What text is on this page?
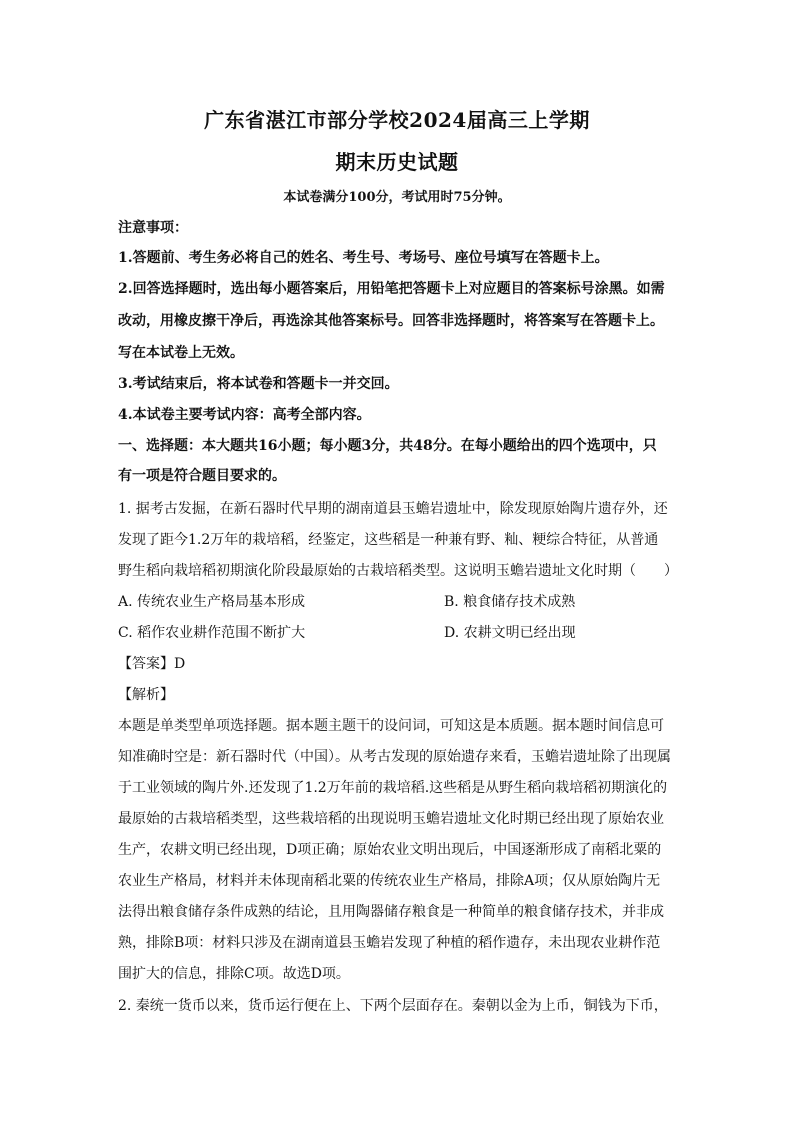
广东省湛江市部分学校2024届高三上学期
期末历史试题
本试卷满分100分，考试用时75分钟。
注意事项：
1.答题前、考生务必将自己的姓名、考生号、考场号、座位号填写在答题卡上。
2.回答选择题时，选出每小题答案后，用铅笔把答题卡上对应题目的答案标号涂黑。如需
改动，用橡皮擦干净后，再选涂其他答案标号。回答非选择题时，将答案写在答题卡上。
写在本试卷上无效。
3.考试结束后，将本试卷和答题卡一并交回。
4.本试卷主要考试内容：高考全部内容。
一、选择题：本大题共16小题；每小题3分，共48分。在每小题给出的四个选项中，只
有一项是符合题目要求的。
1. 据考古发掘，在新石器时代早期的湖南道县玉蟾岩遗址中，除发现原始陶片遗存外，还
发现了距今1.2万年的栽培稻，经鉴定，这些稻是一种兼有野、籼、粳综合特征，从普通
野生稻向栽培稻初期演化阶段最原始的古栽培稻类型。这说明玉蟾岩遗址文化时期（　　）
A. 传统农业生产格局基本形成	B. 粮食储存技术成熟
C. 稻作农业耕作范围不断扩大	D. 农耕文明已经出现
【答案】D
【解析】
本题是单类型单项选择题。据本题主题干的设问词，可知这是本质题。据本题时间信息可
知准确时空是：新石器时代（中国）。从考古发现的原始遗存来看，玉蟾岩遗址除了出现属
于工业领域的陶片外.还发现了1.2万年前的栽培稻.这些稻是从野生稻向栽培稻初期演化的
最原始的古栽培稻类型，这些栽培稻的出现说明玉蟾岩遗址文化时期已经出现了原始农业
生产，农耕文明已经出现，D项正确；原始农业文明出现后，中国逐渐形成了南稻北粟的
农业生产格局，材料并未体现南稻北粟的传统农业生产格局，排除A项；仅从原始陶片无
法得出粮食储存条件成熟的结论，且用陶器储存粮食是一种简单的粮食储存技术，并非成
熟，排除B项：材料只涉及在湖南道县玉蟾岩发现了种植的稻作遗存，未出现农业耕作范
围扩大的信息，排除C项。故选D项。
2. 秦统一货币以来，货币运行便在上、下两个层面存在。秦朝以金为上币，铜钱为下币，
